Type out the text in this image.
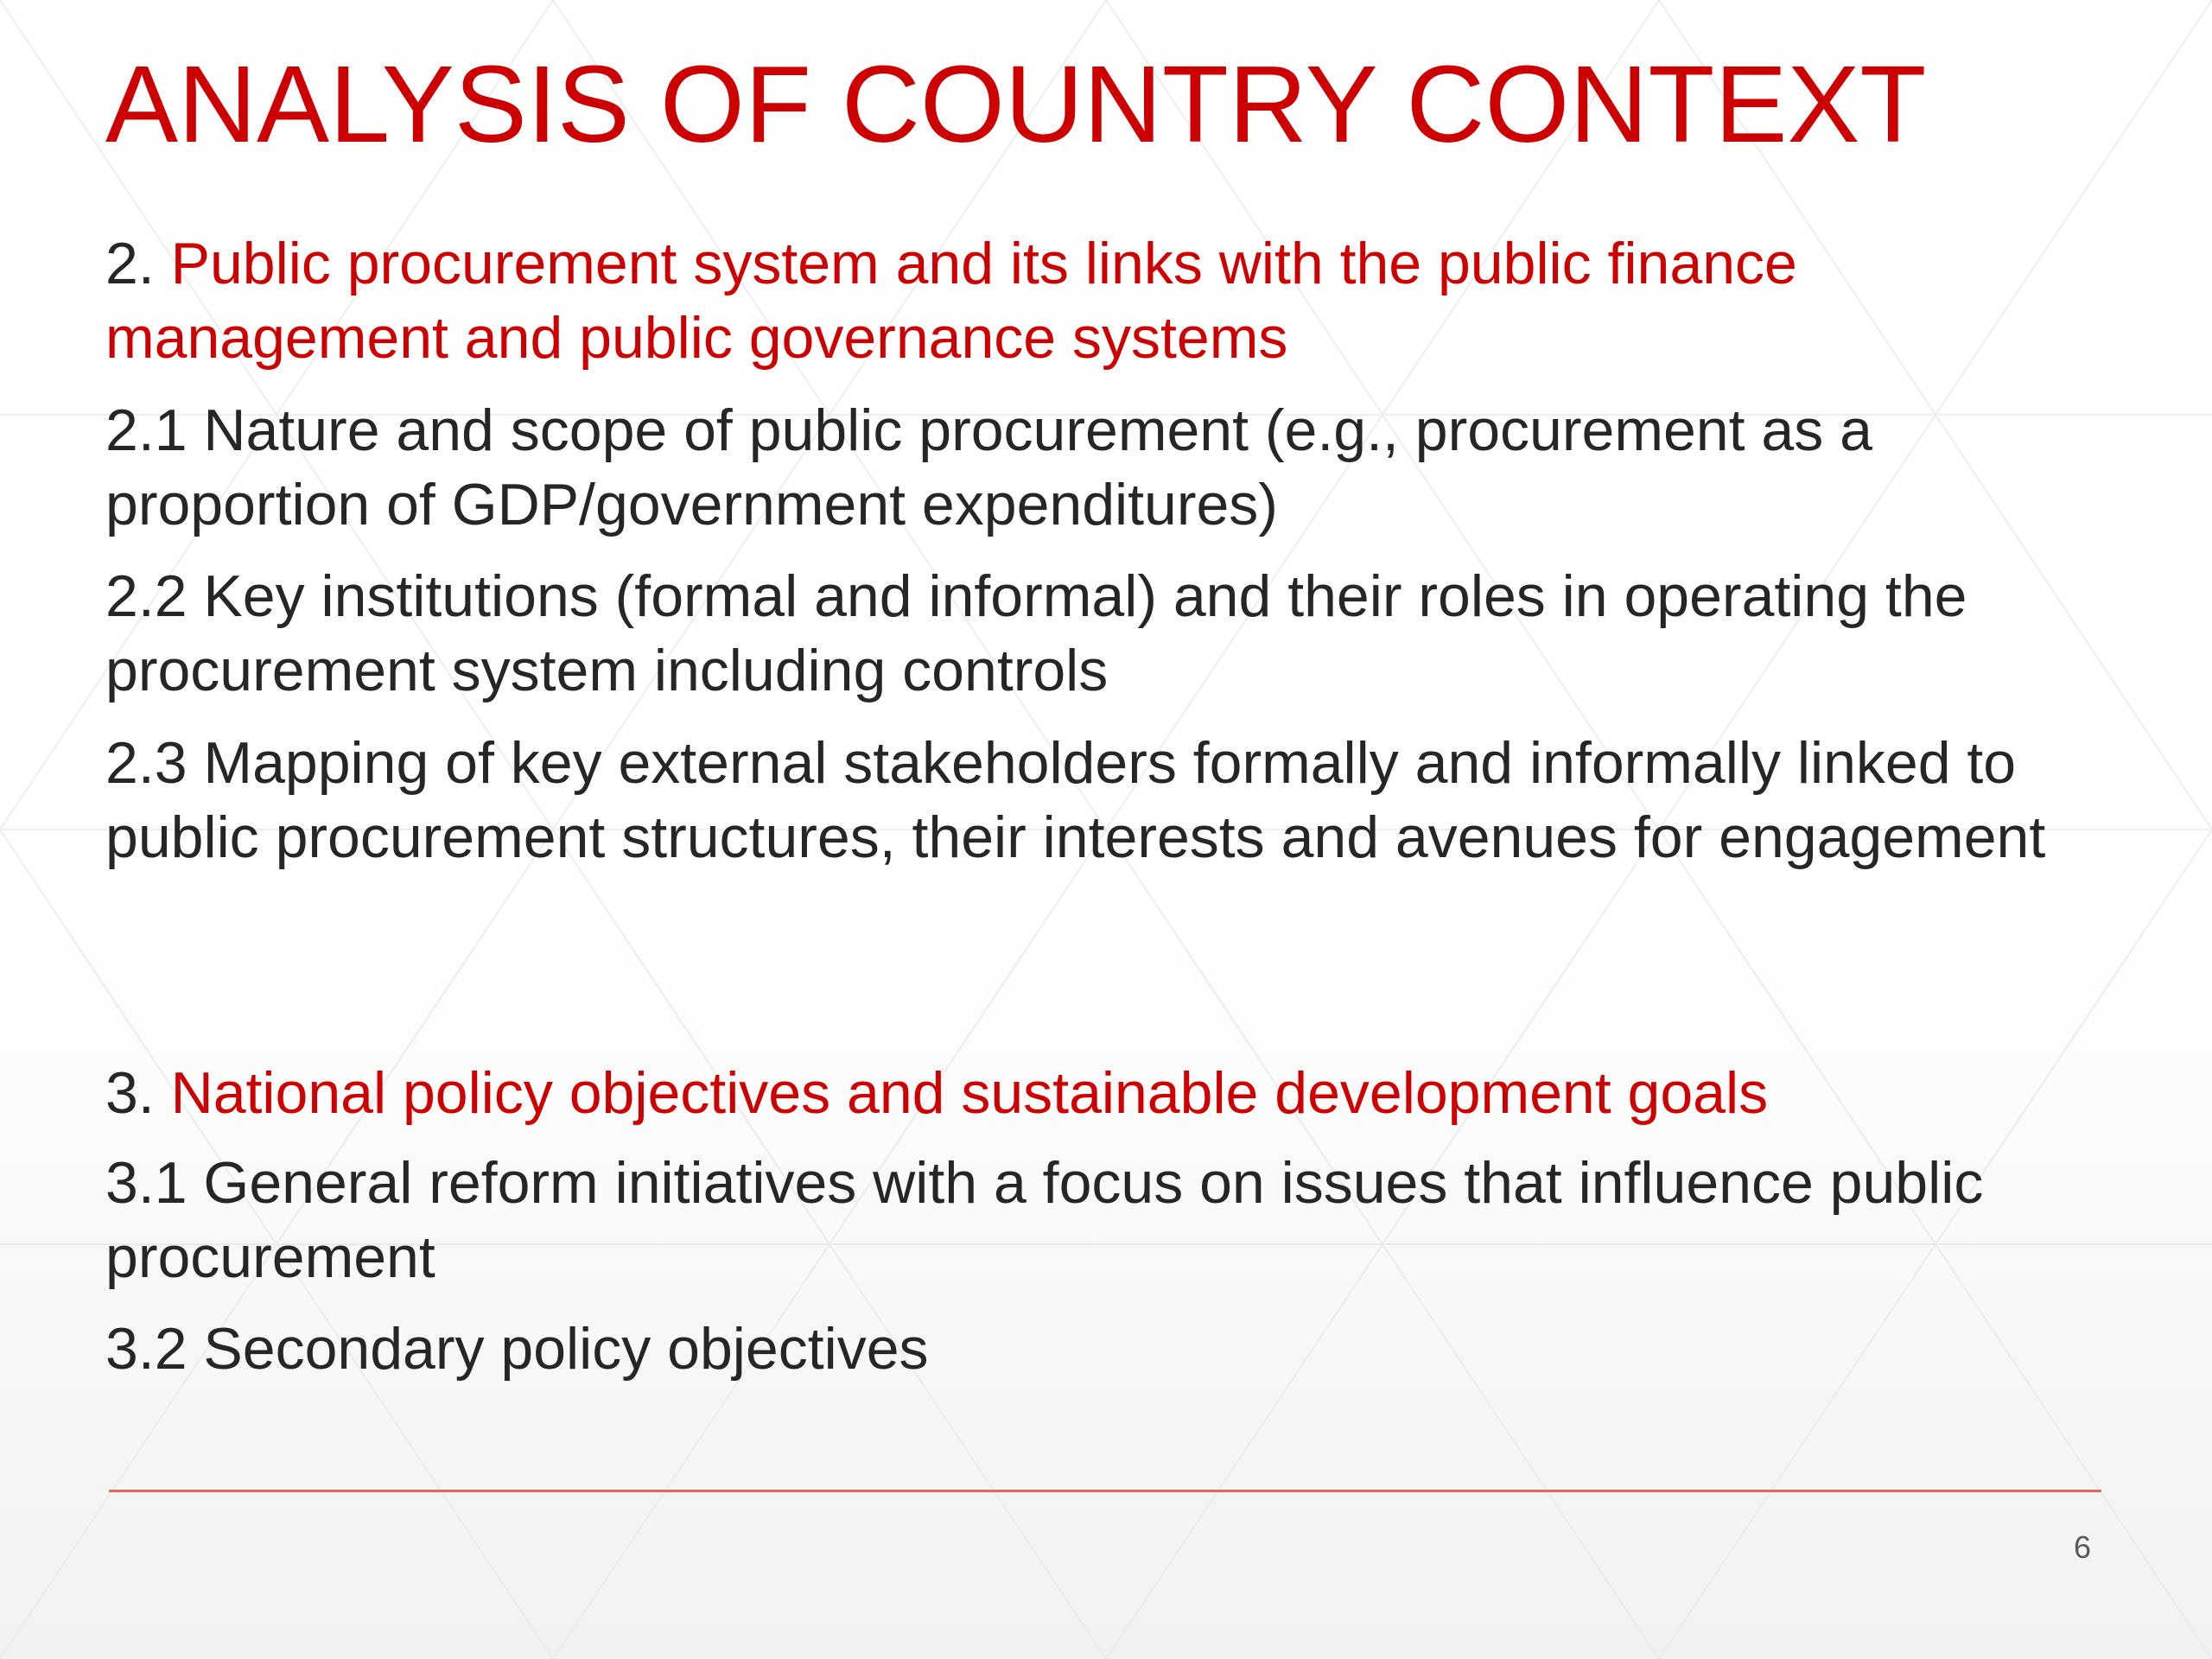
ANALYSIS OF COUNTRY CONTEXT

2. Public procurement system and its links with the public finance management and public governance systems

2.1 Nature and scope of public procurement (e.g., procurement as a proportion of GDP/government expenditures)

2.2 Key institutions (formal and informal) and their roles in operating the procurement system including controls

2.3 Mapping of key external stakeholders formally and informally linked to public procurement structures, their interests and avenues for engagement

3. National policy objectives and sustainable development goals

3.1 General reform initiatives with a focus on issues that influence public procurement

3.2 Secondary policy objectives

6
